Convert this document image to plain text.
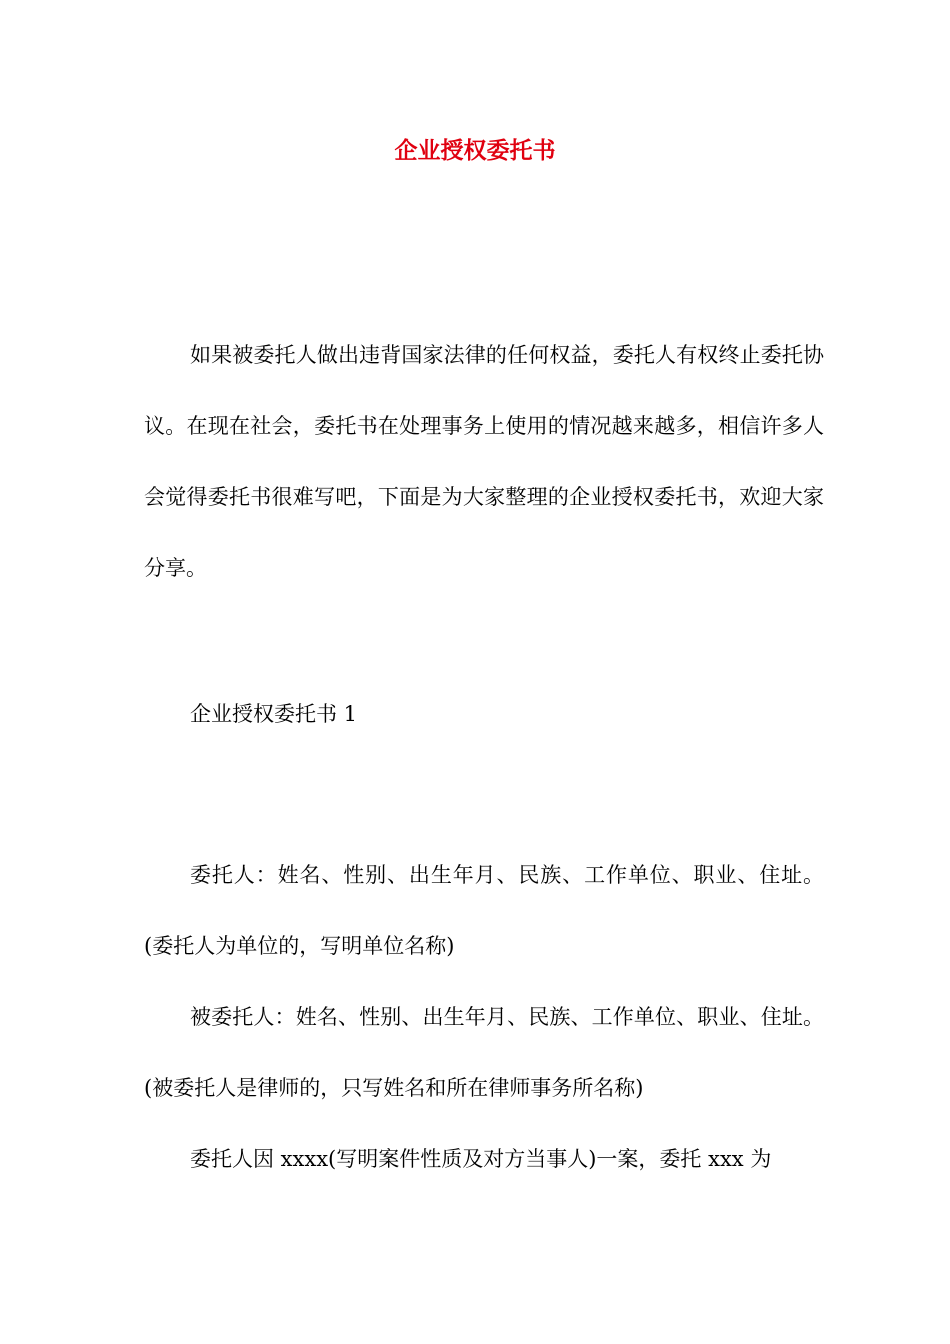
企业授权委托书

如果被委托人做出违背国家法律的任何权益，委托人有权终止委托协议。在现在社会，委托书在处理事务上使用的情况越来越多，相信许多人会觉得委托书很难写吧，下面是为大家整理的企业授权委托书，欢迎大家分享。

企业授权委托书 1

委托人：姓名、性别、出生年月、民族、工作单位、职业、住址。(委托人为单位的，写明单位名称)

被委托人：姓名、性别、出生年月、民族、工作单位、职业、住址。(被委托人是律师的，只写姓名和所在律师事务所名称)

委托人因 xxxx(写明案件性质及对方当事人)一案，委托 xxx 为
